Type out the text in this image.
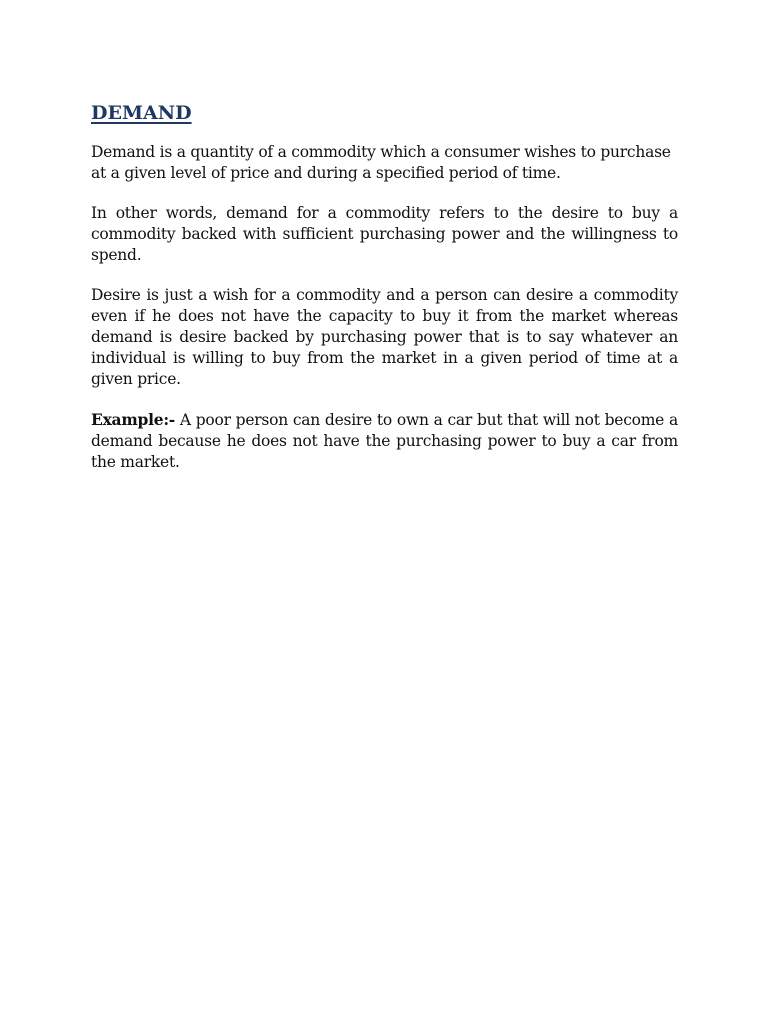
DEMAND

Demand is a quantity of a commodity which a consumer wishes to purchase at a given level of price and during a specified period of time.

In other words, demand for a commodity refers to the desire to buy a commodity backed with sufficient purchasing power and the willingness to spend.

Desire is just a wish for a commodity and a person can desire a commodity even if he does not have the capacity to buy it from the market whereas demand is desire backed by purchasing power that is to say whatever an individual is willing to buy from the market in a given period of time at a given price.

Example:- A poor person can desire to own a car but that will not become a demand because he does not have the purchasing power to buy a car from the market.
